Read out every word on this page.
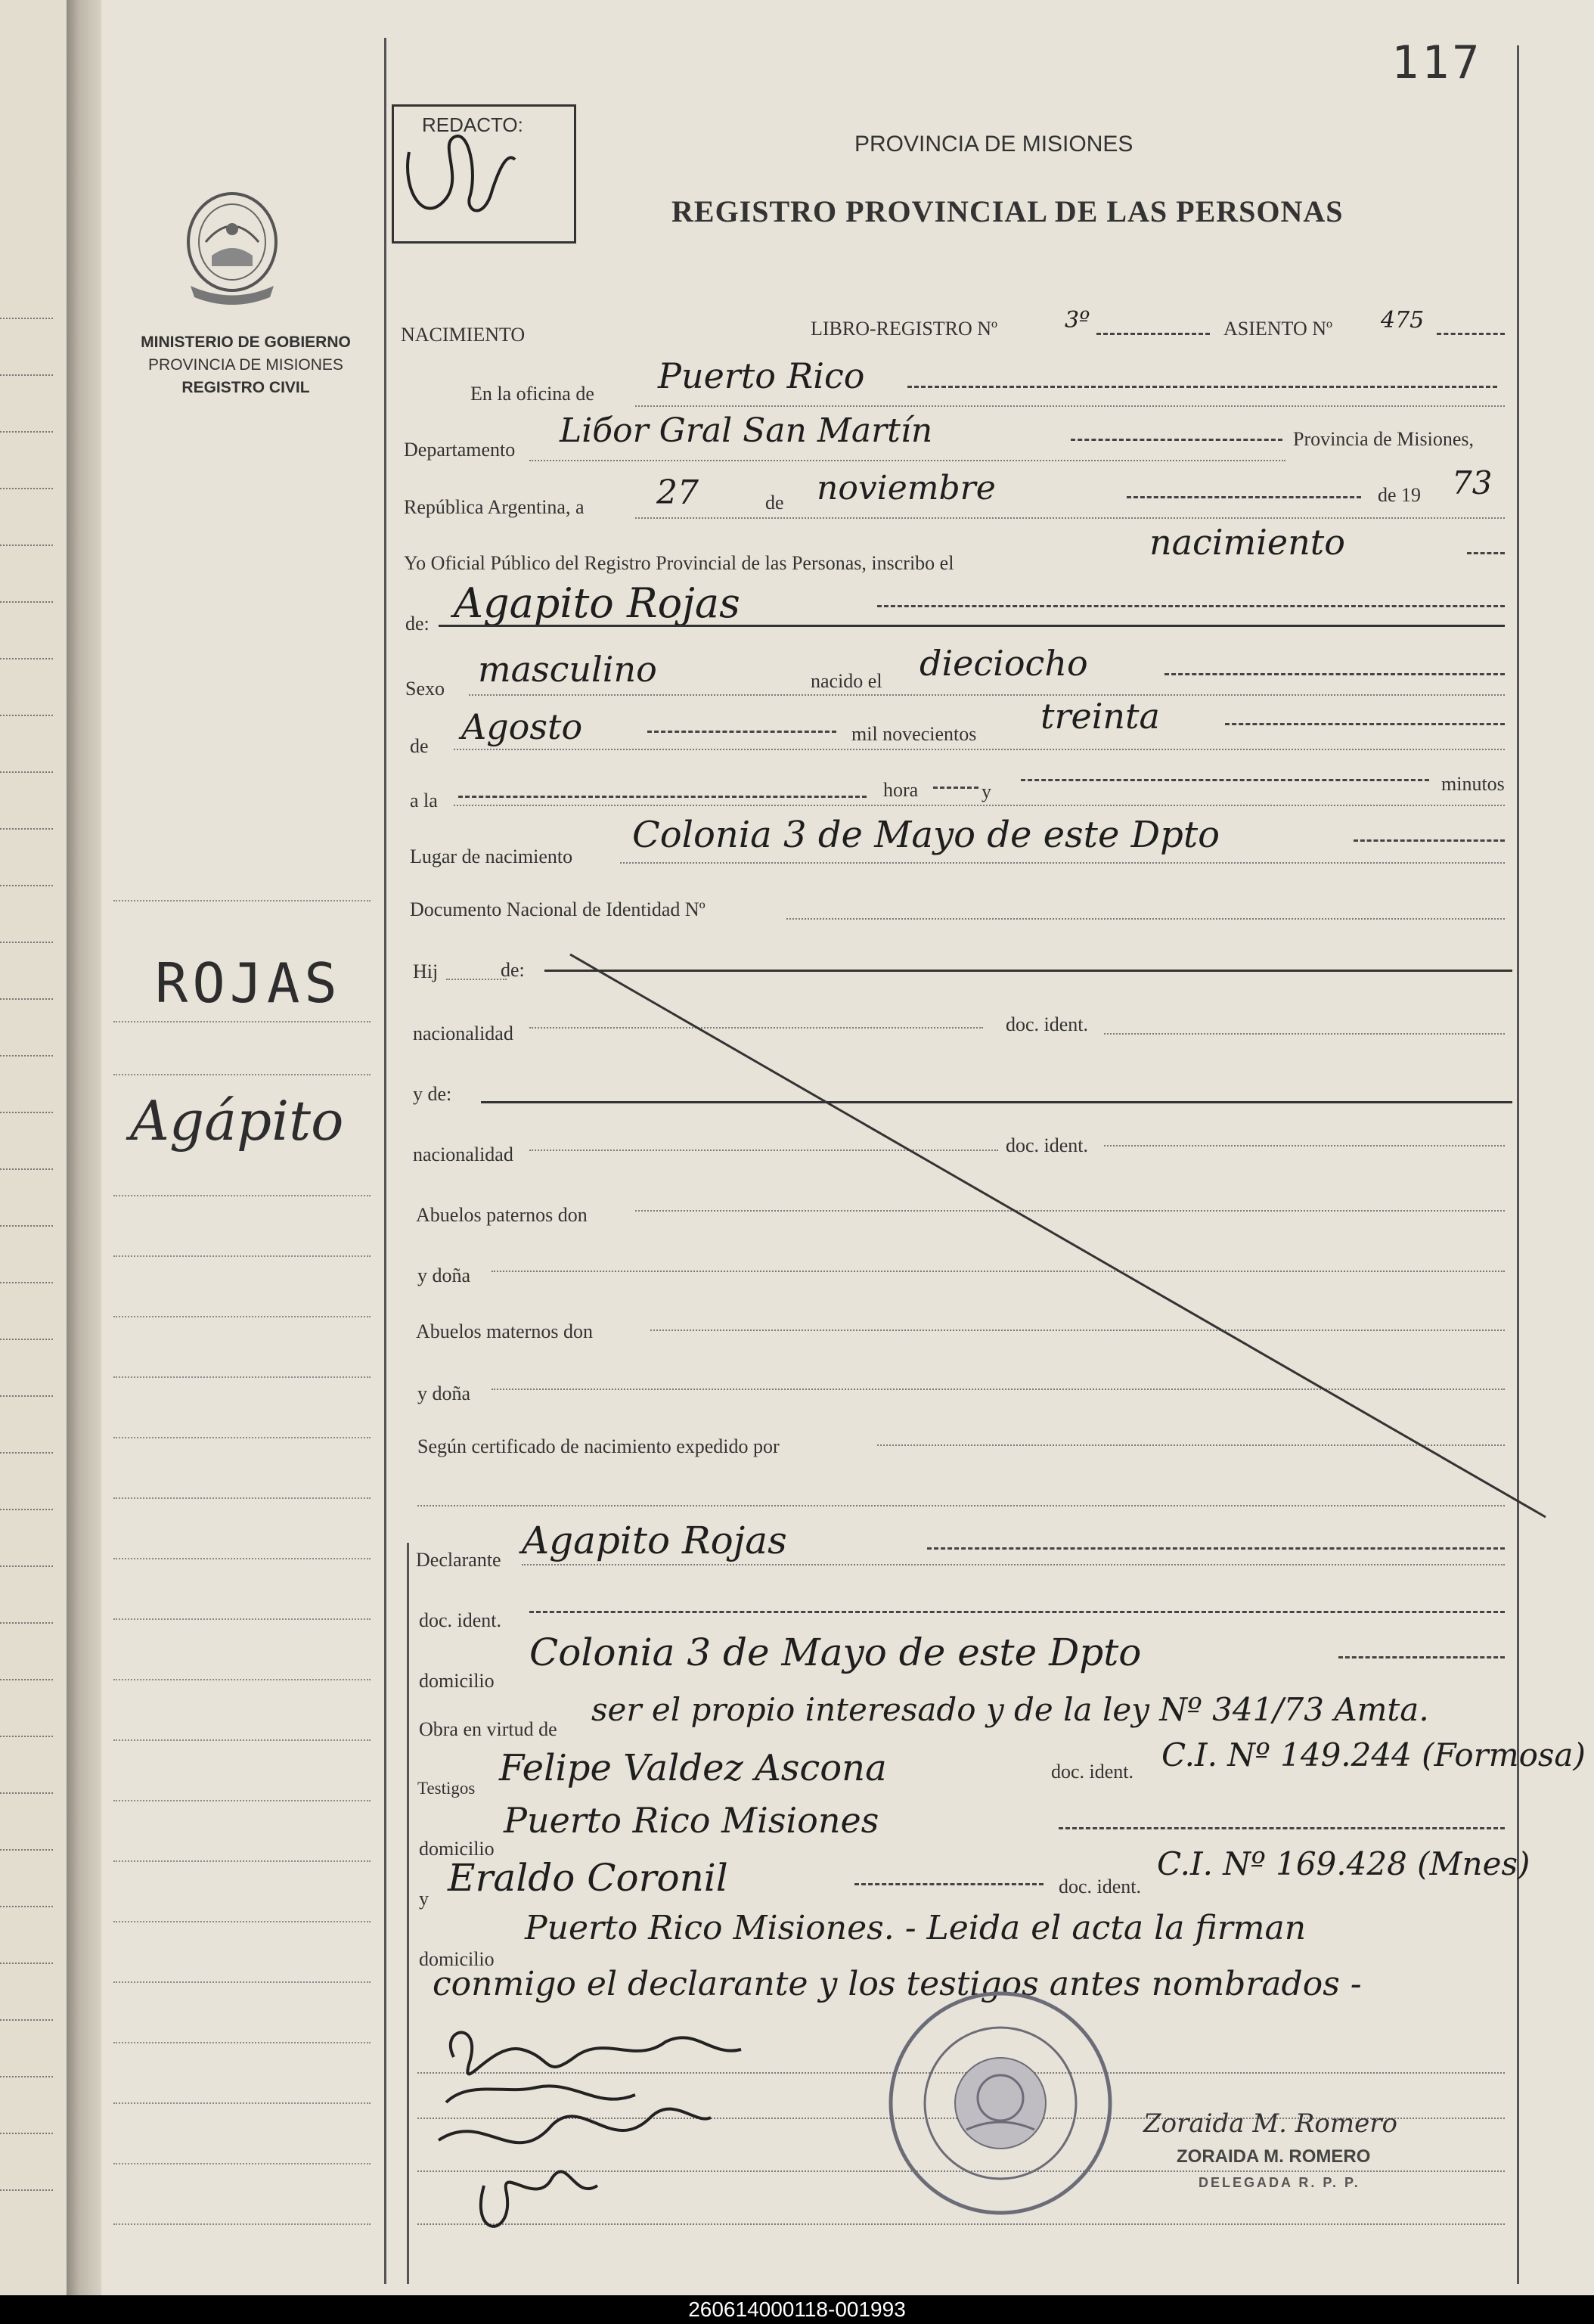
MINISTERIO DE GOBIERNO
PROVINCIA DE MISIONES
REGISTRO CIVIL
ROJAS
Agápito
117
REDACTO:
PROVINCIA DE MISIONES
REGISTRO PROVINCIAL DE LAS PERSONAS
NACIMIENTO	LIBRO-REGISTRO Nº	3º	ASIENTO Nº 475
En la oficina de Puerto Rico
Departamento Lібor Gral San Martín	Provincia de Misiones,
República Argentina, a 27	de noviembre	de 19 73
Yo Oficial Público del Registro Provincial de las Personas, inscribo el
nacimiento
de: Agapito Rojas
Sexo masculino	nacido el dieciocho
de Agosto	mil novecientos treinta
a la	hora	y	minutos
Lugar de nacimiento
Colonia 3 de Mayo de este Dpto
Documento Nacional de Identidad Nº
Hij	de:
nacionalidad	doc. ident.
y de:
nacionalidad	doc. ident.
Abuelos paternos don
y doña
Abuelos maternos don
y doña
Según certificado de nacimiento expedido por
Declarante Agapito Rojas
doc. ident.
domicilio
Colonia 3 de Mayo de este Dpto
Obra en virtud de
ser el propio interesado y de la ley Nº 341/73 Amta.
Testigos Felipe Valdez Ascona	doc. ident. C.I. Nº 149.244 (Formosa)
domicilio
Puerto Rico Misiones
y Eraldo Coronil	doc. ident.
C.I. Nº 169.428 (Mnes)
domicilio
Puerto Rico Misiones. - Leida el acta la firman
conmigo el declarante y los testigos antes nombrados -
Zoraida M. Romero
ZORAIDA M. ROMERO
DELEGADA R. P. P.
260614000118-001993
